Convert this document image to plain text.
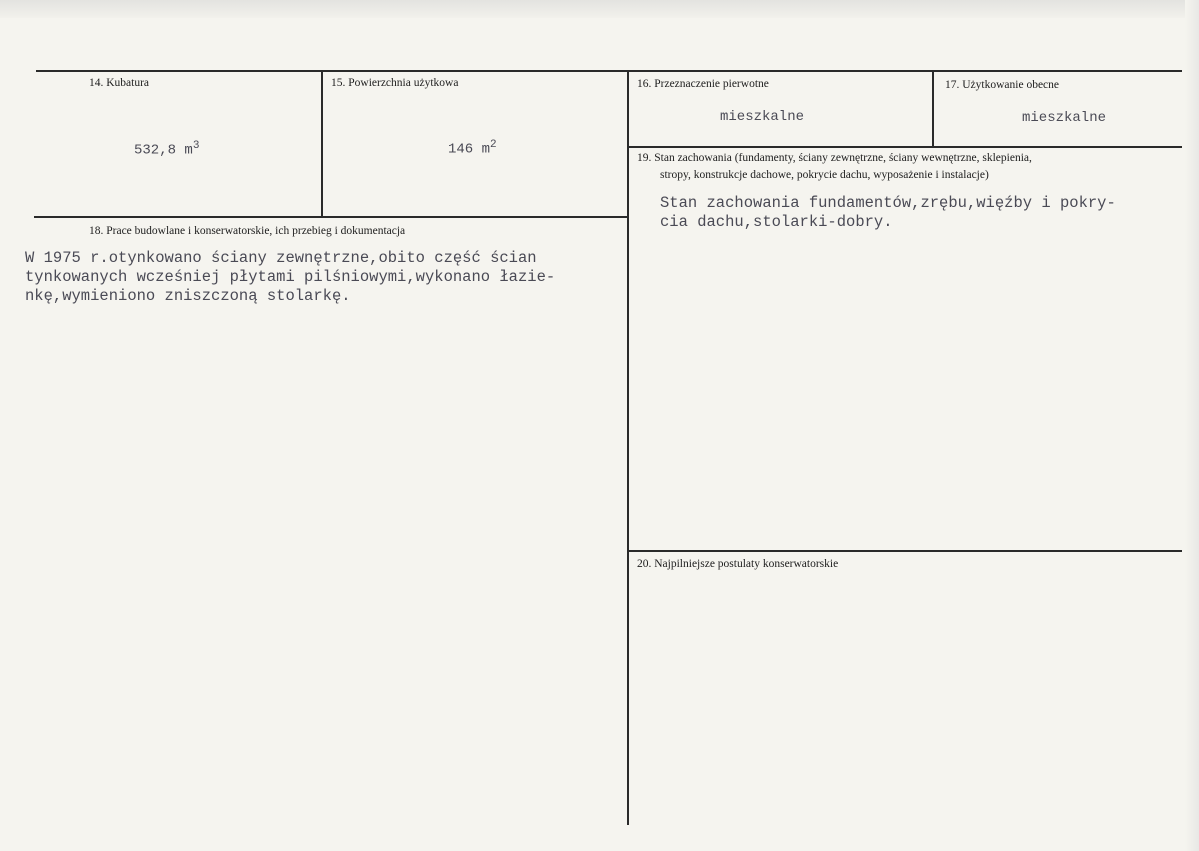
14. Kubatura
532,8 $m^3$
15. Powierzchnia użytkowa
146 $m^2$
16. Przeznaczenie pierwotne
mieszkalne
17. Użytkowanie obecne
mieszkalne
18. Prace budowlane i konserwatorskie, ich przebieg i dokumentacja
W 1975 r.otynkowano ściany zewnętrzne,obito część ścian
tynkowanych wcześniej płytami pilśniowymi,wykonano łazie-
nkę,wymieniono zniszczoną stolarkę.
19. Stan zachowania (fundamenty, ściany zewnętrzne, ściany wewnętrzne, sklepienia,
stropy, konstrukcje dachowe, pokrycie dachu, wyposażenie i instalacje)
Stan zachowania fundamentów,zrębu,więźby i pokry-
cia dachu,stolarki-dobry.
20. Najpilniejsze postulaty konserwatorskie
